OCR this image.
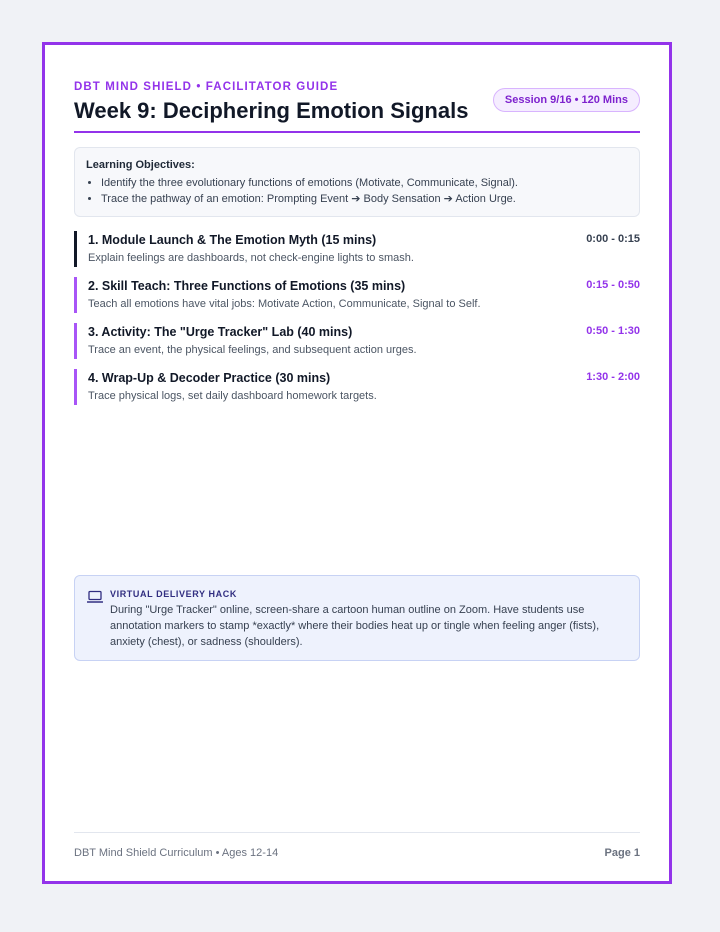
DBT MIND SHIELD • FACILITATOR GUIDE
Week 9: Deciphering Emotion Signals	Session 9/16 • 120 Mins
Learning Objectives:
• Identify the three evolutionary functions of emotions (Motivate, Communicate, Signal).
• Trace the pathway of an emotion: Prompting Event ➔ Body Sensation ➔ Action Urge.
1. Module Launch & The Emotion Myth (15 mins)
Explain feelings are dashboards, not check-engine lights to smash.
0:00 - 0:15
2. Skill Teach: Three Functions of Emotions (35 mins)
Teach all emotions have vital jobs: Motivate Action, Communicate, Signal to Self.
0:15 - 0:50
3. Activity: The "Urge Tracker" Lab (40 mins)
Trace an event, the physical feelings, and subsequent action urges.
0:50 - 1:30
4. Wrap-Up & Decoder Practice (30 mins)
Trace physical logs, set daily dashboard homework targets.
1:30 - 2:00
VIRTUAL DELIVERY HACK
During "Urge Tracker" online, screen-share a cartoon human outline on Zoom. Have students use annotation markers to stamp *exactly* where their bodies heat up or tingle when feeling anger (fists), anxiety (chest), or sadness (shoulders).
DBT Mind Shield Curriculum • Ages 12-14	Page 1
